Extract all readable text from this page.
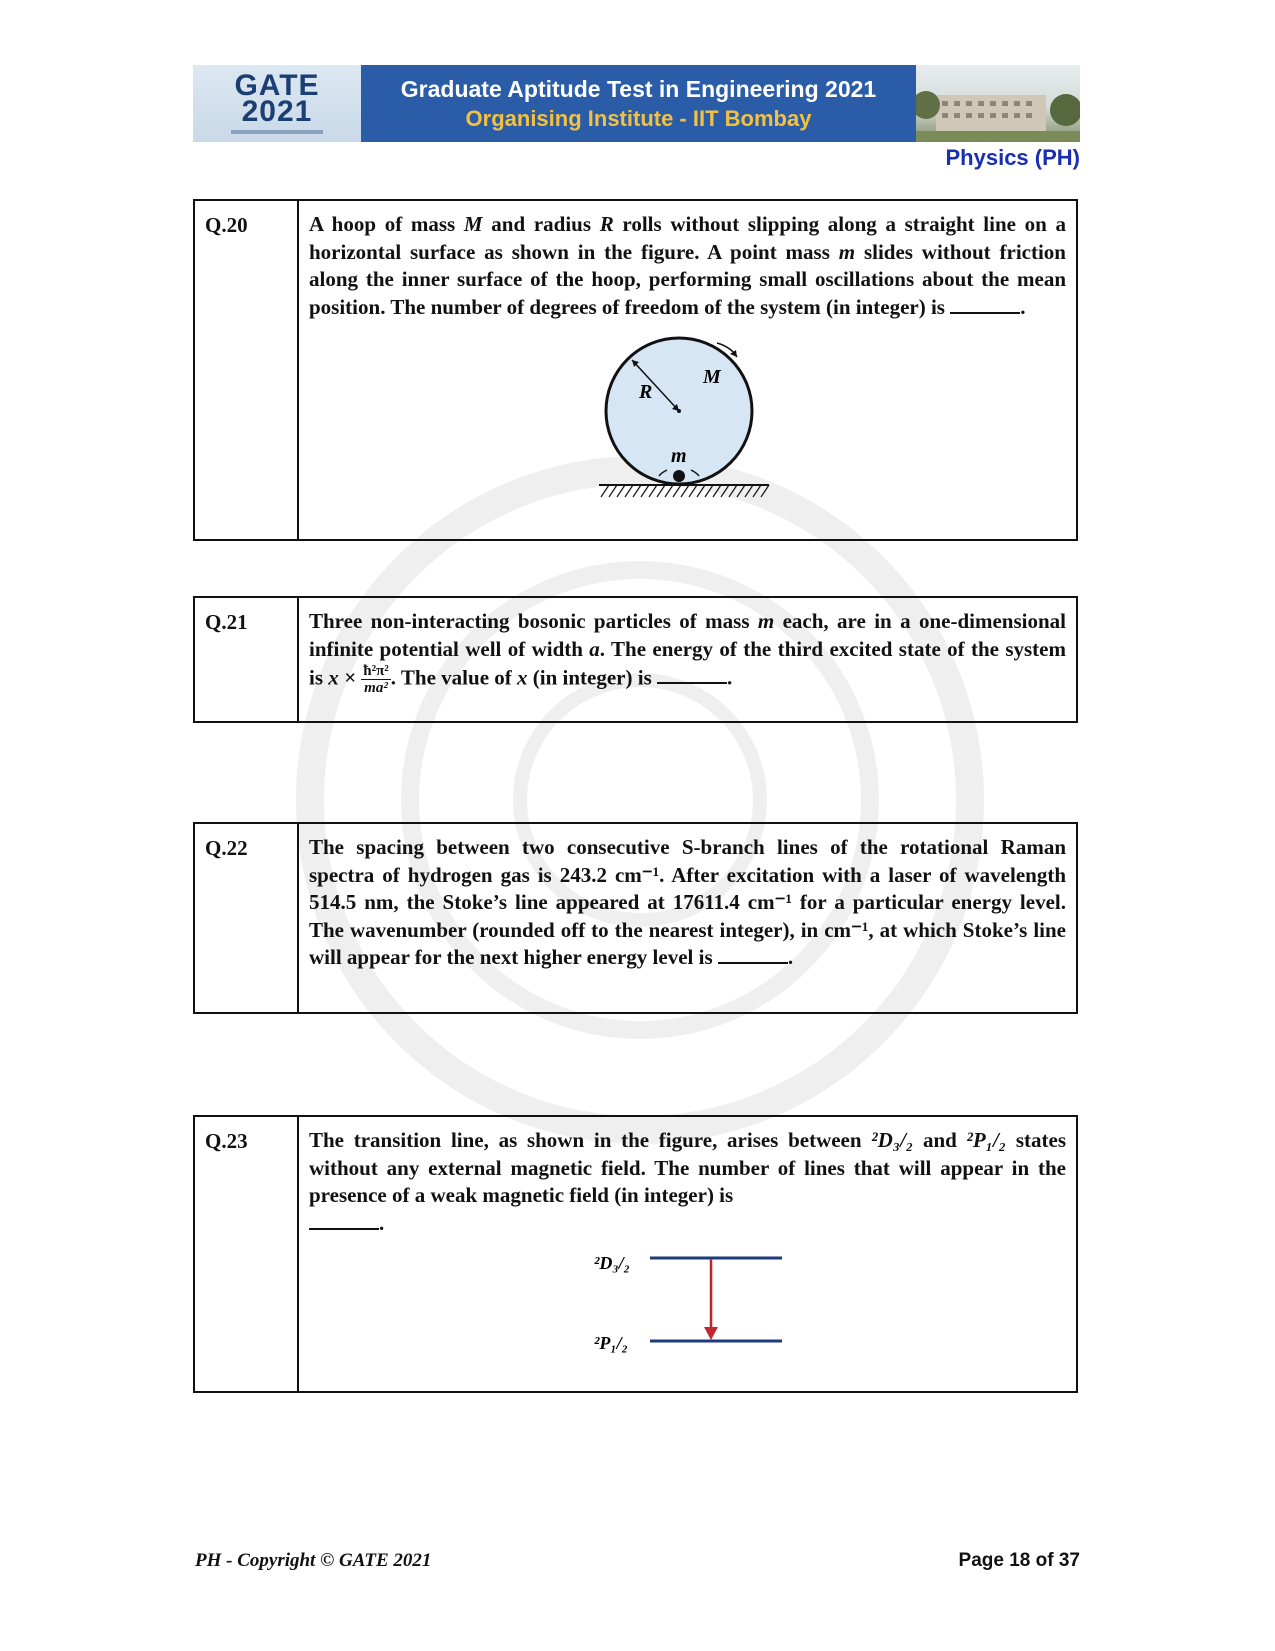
GATE
2021
Graduate Aptitude Test in Engineering 2021
Organising Institute - IIT Bombay
Physics (PH)
Q.20	A hoop of mass M and radius R rolls without slipping along a straight line on a horizontal surface as shown in the figure. A point mass m slides without friction along the inner surface of the hoop, performing small oscillations about the mean position. The number of degrees of freedom of the system (in integer) is	.
R
M
m
Q.21	Three non-interacting bosonic particles of mass m each, are in a one-dimensional infinite potential well of width a. The energy of the third excited state of the system is $x \times \frac{\text{ħ²π²}}{\text{ma²}}$ . The value of x (in integer) is	.
Q.22	The spacing between two consecutive S-branch lines of the rotational Raman spectra of hydrogen gas is 243.2 cm⁻¹. After excitation with a laser of wavelength 514.5 nm, the Stoke’s line appeared at 17611.4 cm⁻¹ for a particular energy level. The wavenumber (rounded off to the nearest integer), in cm⁻¹, at which Stoke’s line will appear for the next higher energy level is	.
Q.23	The transition line, as shown in the figure, arises between ²D₃/₂ and ²P₁/₂ states without any external magnetic field. The number of lines that will appear in the presence of a weak magnetic field (in integer) is
.
²D₃/₂
²P₁/₂
PH - Copyright © GATE 2021	Page 18 of 37
